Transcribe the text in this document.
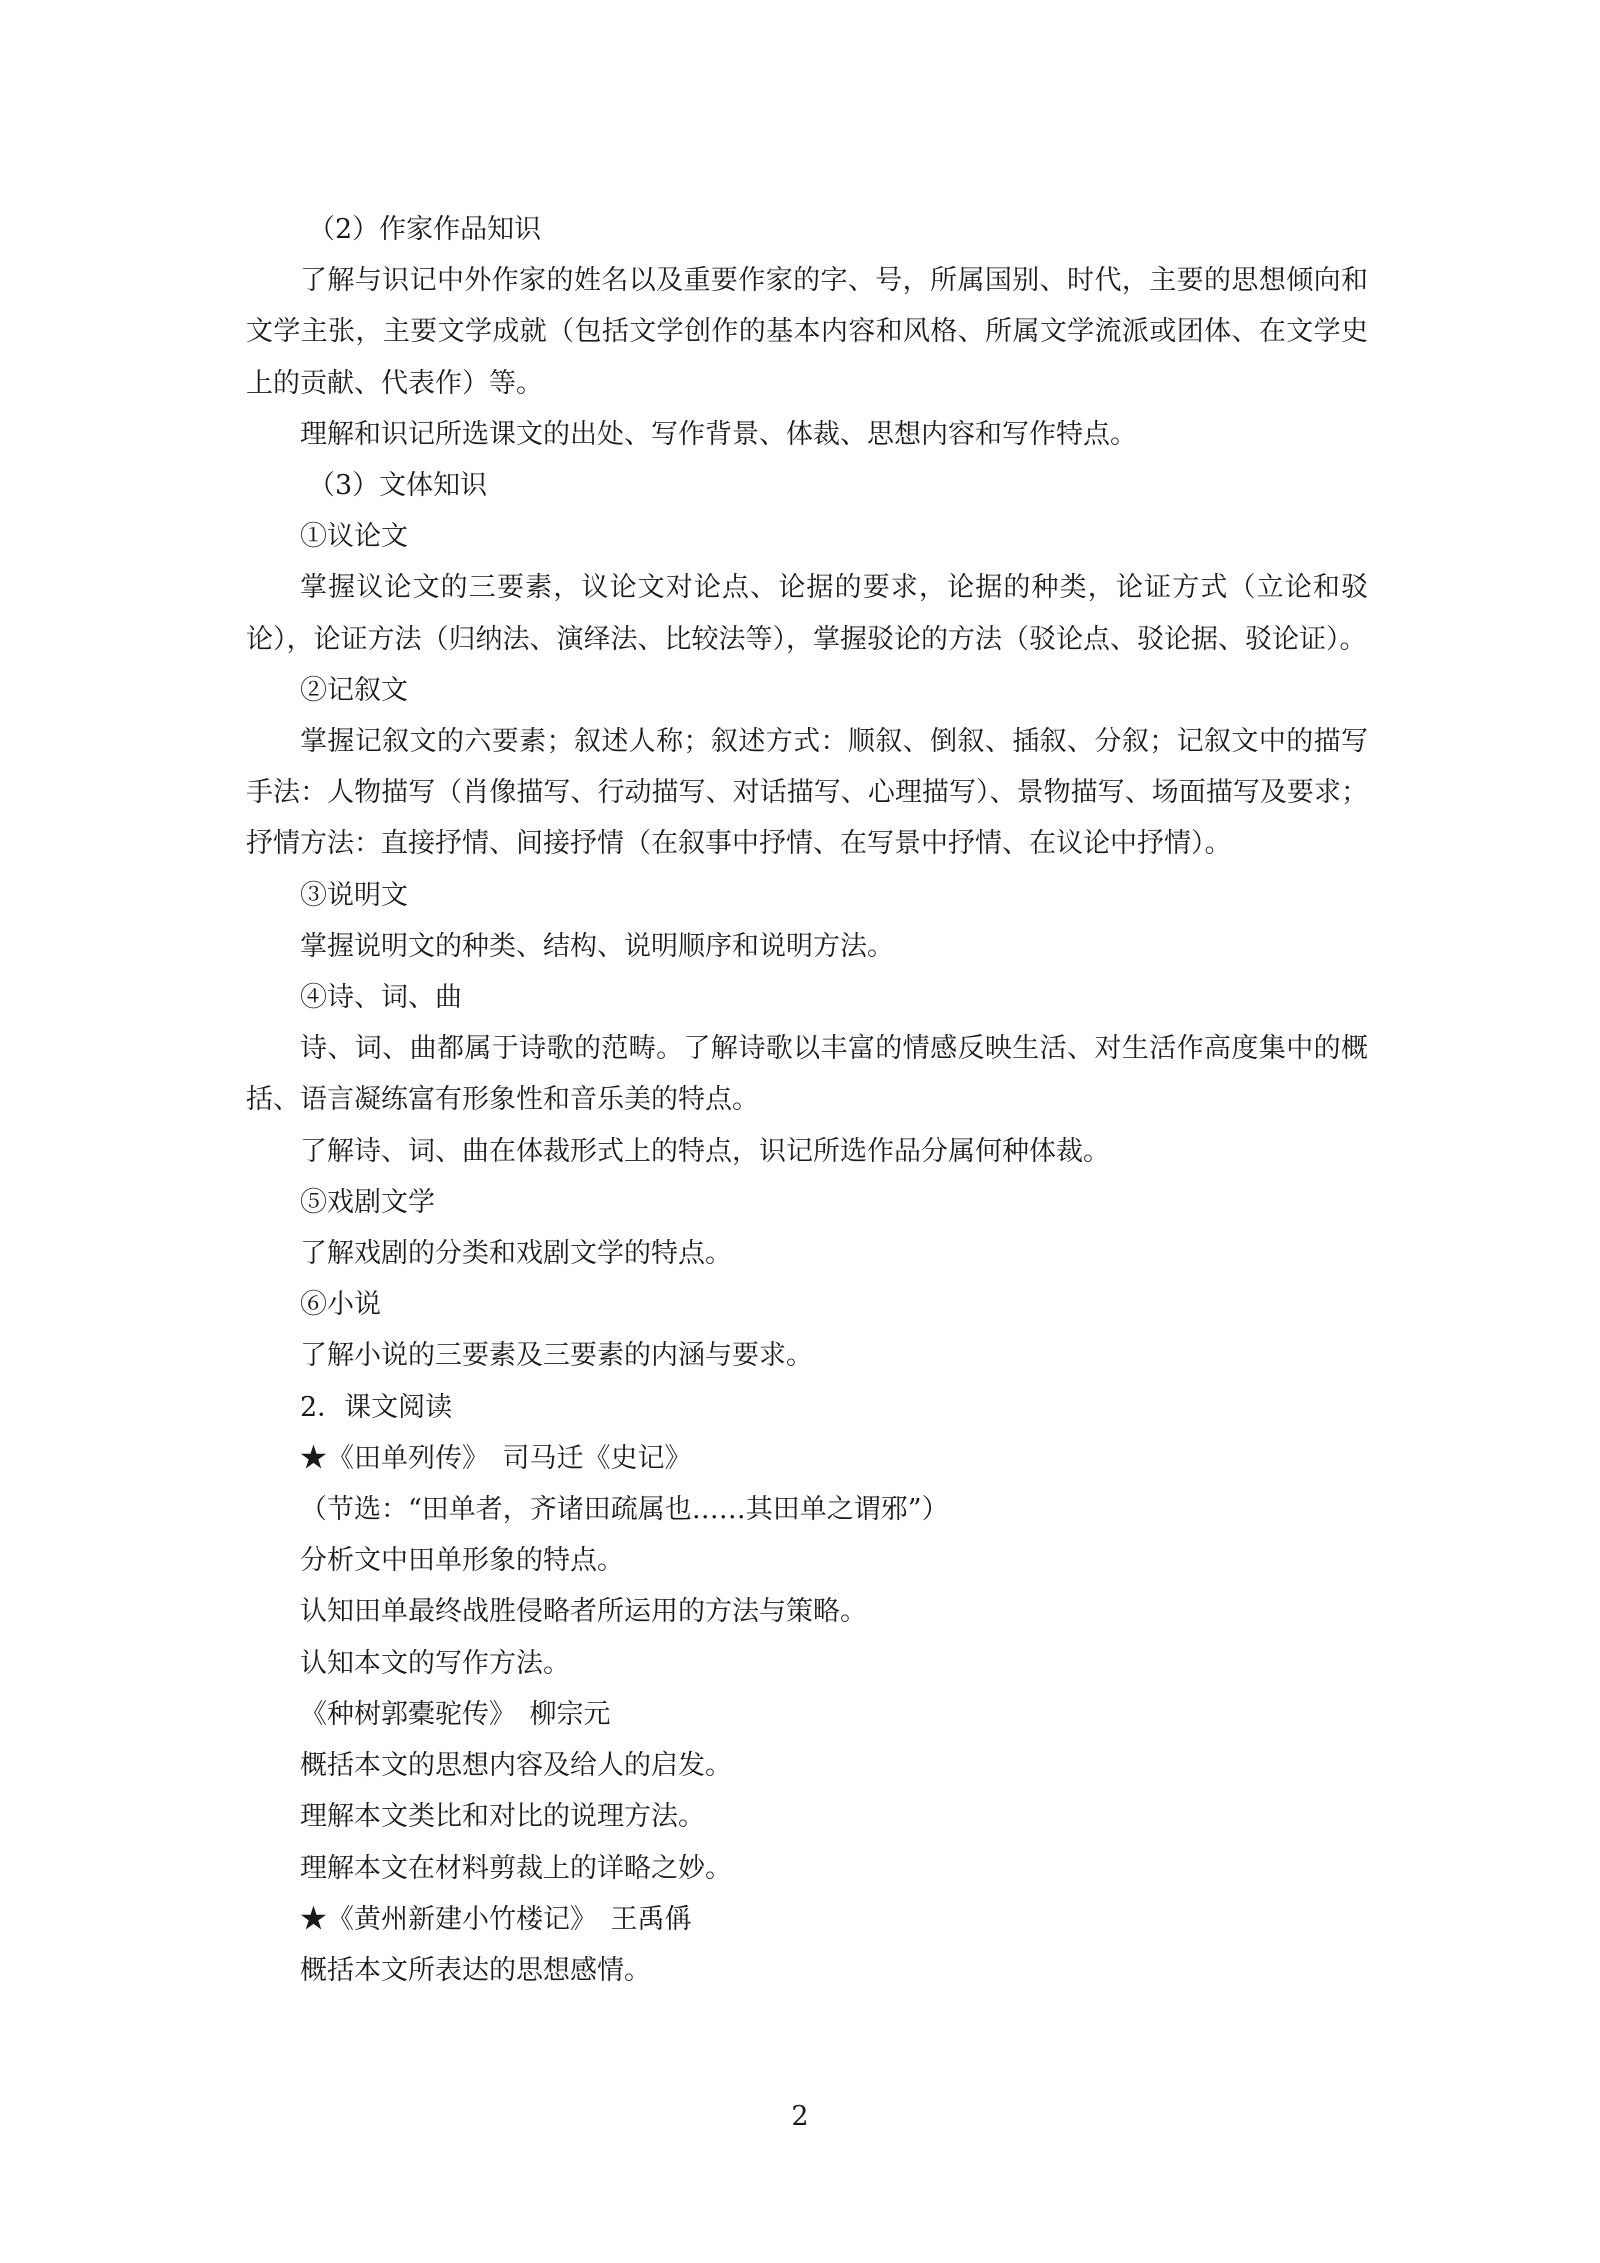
（2）作家作品知识

了解与识记中外作家的姓名以及重要作家的字、号，所属国别、时代，主要的思想倾向和文学主张，主要文学成就（包括文学创作的基本内容和风格、所属文学流派或团体、在文学史上的贡献、代表作）等。

理解和识记所选课文的出处、写作背景、体裁、思想内容和写作特点。

（3）文体知识

①议论文

掌握议论文的三要素，议论文对论点、论据的要求，论据的种类，论证方式（立论和驳论），论证方法（归纳法、演绎法、比较法等），掌握驳论的方法（驳论点、驳论据、驳论证）。

②记叙文

掌握记叙文的六要素；叙述人称；叙述方式：顺叙、倒叙、插叙、分叙；记叙文中的描写手法：人物描写（肖像描写、行动描写、对话描写、心理描写）、景物描写、场面描写及要求；抒情方法：直接抒情、间接抒情（在叙事中抒情、在写景中抒情、在议论中抒情）。

③说明文

掌握说明文的种类、结构、说明顺序和说明方法。

④诗、词、曲

诗、词、曲都属于诗歌的范畴。了解诗歌以丰富的情感反映生活、对生活作高度集中的概括、语言凝练富有形象性和音乐美的特点。

了解诗、词、曲在体裁形式上的特点，识记所选作品分属何种体裁。

⑤戏剧文学

了解戏剧的分类和戏剧文学的特点。

⑥小说

了解小说的三要素及三要素的内涵与要求。

2．课文阅读

★《田单列传》　司马迁《史记》

（节选：“田单者，齐诸田疏属也……其田单之谓邪”）

分析文中田单形象的特点。

认知田单最终战胜侵略者所运用的方法与策略。

认知本文的写作方法。

《种树郭橐驼传》　柳宗元

概括本文的思想内容及给人的启发。

理解本文类比和对比的说理方法。

理解本文在材料剪裁上的详略之妙。

★《黄州新建小竹楼记》　王禹偁

概括本文所表达的思想感情。

2
